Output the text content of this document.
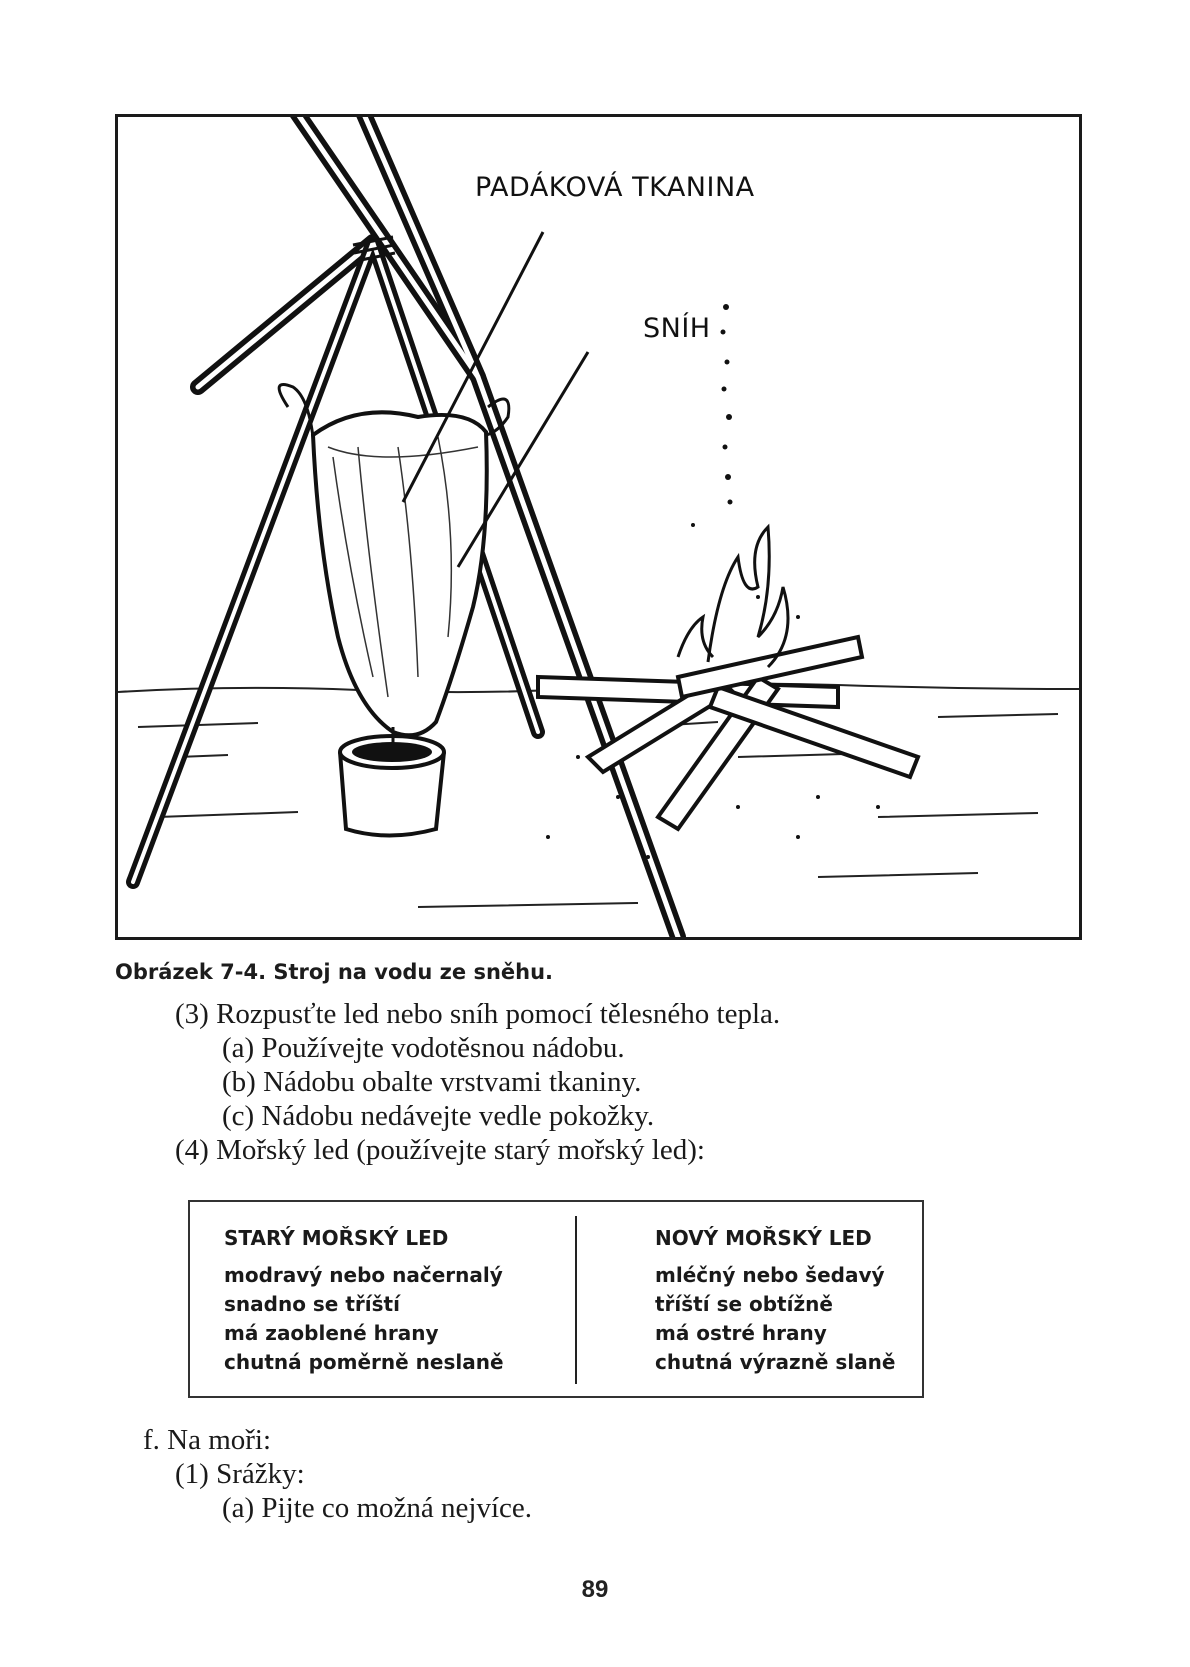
PADÁKOVÁ TKANINA
SNÍH
Obrázek 7-4. Stroj na vodu ze sněhu.
(3) Rozpusťte led nebo sníh pomocí tělesného tepla.
(a) Používejte vodotěsnou nádobu.
(b) Nádobu obalte vrstvami tkaniny.
(c) Nádobu nedávejte vedle pokožky.
(4) Mořský led (používejte starý mořský led):
STARÝ MOŘSKÝ LED
modravý nebo načernalý
snadno se tříští
má zaoblené hrany
chutná poměrně neslaně
NOVÝ MOŘSKÝ LED
mléčný nebo šedavý
tříští se obtížně
má ostré hrany
chutná výrazně slaně
f. Na moři:
(1) Srážky:
(a) Pijte co možná nejvíce.
89
